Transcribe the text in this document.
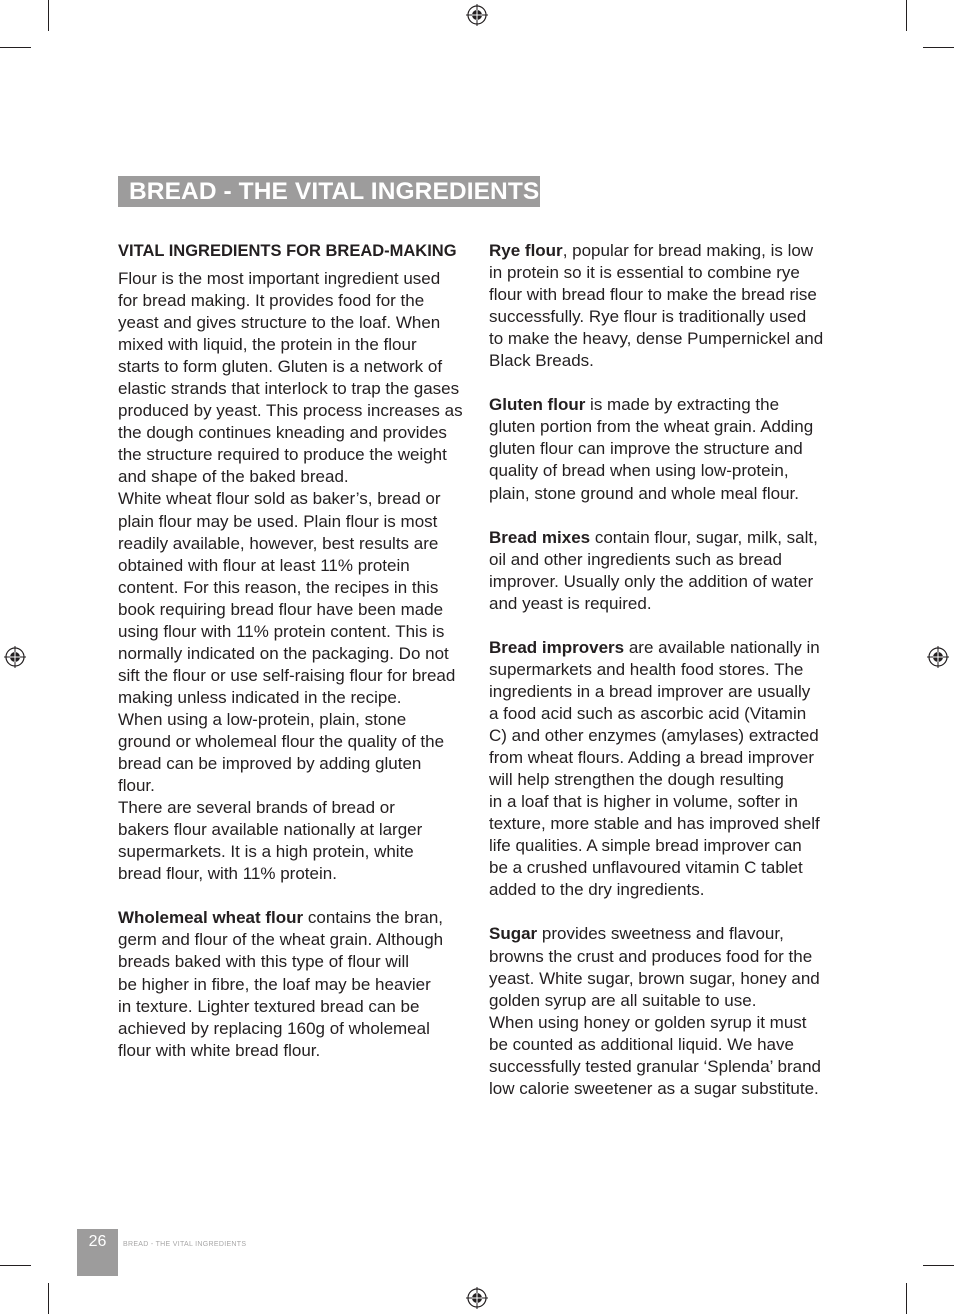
BREAD - THE VITAL INGREDIENTS
VITAL INGREDIENTS FOR BREAD-MAKING
Flour is the most important ingredient used
for bread making. It provides food for the
yeast and gives structure to the loaf. When
mixed with liquid, the protein in the flour
starts to form gluten. Gluten is a network of
elastic strands that interlock to trap the gases
produced by yeast. This process increases as
the dough continues kneading and provides
the structure required to produce the weight
and shape of the baked bread.
White wheat flour sold as baker’s, bread or
plain flour may be used. Plain flour is most
readily available, however, best results are
obtained with flour at least 11% protein
content. For this reason, the recipes in this
book requiring bread flour have been made
using flour with 11% protein content. This is
normally indicated on the packaging. Do not
sift the flour or use self-raising flour for bread
making unless indicated in the recipe.
When using a low-protein, plain, stone
ground or wholemeal flour the quality of the
bread can be improved by adding gluten
flour.
There are several brands of bread or
bakers flour available nationally at larger
supermarkets. It is a high protein, white
bread flour, with 11% protein.
Wholemeal wheat flour contains the bran,
germ and flour of the wheat grain. Although
breads baked with this type of flour will
be higher in fibre, the loaf may be heavier
in texture. Lighter textured bread can be
achieved by replacing 160g of wholemeal
flour with white bread flour.
Rye flour, popular for bread making, is low
in protein so it is essential to combine rye
flour with bread flour to make the bread rise
successfully. Rye flour is traditionally used
to make the heavy, dense Pumpernickel and
Black Breads.
Gluten flour is made by extracting the
gluten portion from the wheat grain. Adding
gluten flour can improve the structure and
quality of bread when using low-protein,
plain, stone ground and whole meal flour.
Bread mixes contain flour, sugar, milk, salt,
oil and other ingredients such as bread
improver. Usually only the addition of water
and yeast is required.
Bread improvers are available nationally in
supermarkets and health food stores. The
ingredients in a bread improver are usually
a food acid such as ascorbic acid (Vitamin
C) and other enzymes (amylases) extracted
from wheat flours. Adding a bread improver
will help strengthen the dough resulting
in a loaf that is higher in volume, softer in
texture, more stable and has improved shelf
life qualities. A simple bread improver can
be a crushed unflavoured vitamin C tablet
added to the dry ingredients.
Sugar provides sweetness and flavour,
browns the crust and produces food for the
yeast. White sugar, brown sugar, honey and
golden syrup are all suitable to use.
When using honey or golden syrup it must
be counted as additional liquid. We have
successfully tested granular ‘Splenda’ brand
low calorie sweetener as a sugar substitute.
26	BREAD - THE VITAL INGREDIENTS
